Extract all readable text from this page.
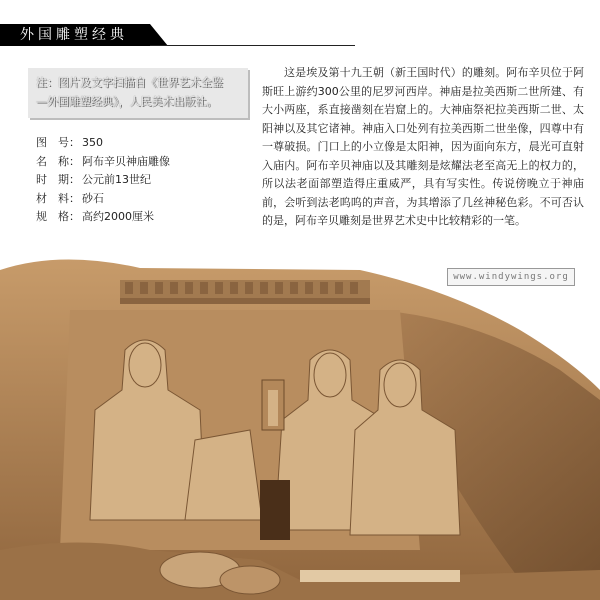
外国雕塑经典
注：图片及文字扫描自《世界艺术全鉴
—外国雕塑经典》，人民美术出版社。
图　号： 350
名　称： 阿布辛贝神庙雕像
时　期： 公元前13世纪
材　料： 砂石
规　格： 高约2000厘米
这是埃及第十九王朝（新王国时代）的雕刻。阿布辛贝位于阿斯旺上游约300公里的尼罗河西岸。神庙是拉美西斯二世所建、有大小两座，系直接凿刻在岩窟上的。大神庙祭祀拉美西斯二世、太阳神以及其它诸神。神庙入口处列有拉美西斯二世坐像，四尊中有一尊破损。门口上的小立像是太阳神，因为面向东方，晨光可直射入庙内。阿布辛贝神庙以及其雕刻是炫耀法老至高无上的权力的，所以法老面部塑造得庄重威严，具有写实性。传说傍晚立于神庙前，会听到法老呜呜的声音，为其增添了几丝神秘色彩。不可否认的是，阿布辛贝雕刻是世界艺术史中比较精彩的一笔。
www.windywings.org
